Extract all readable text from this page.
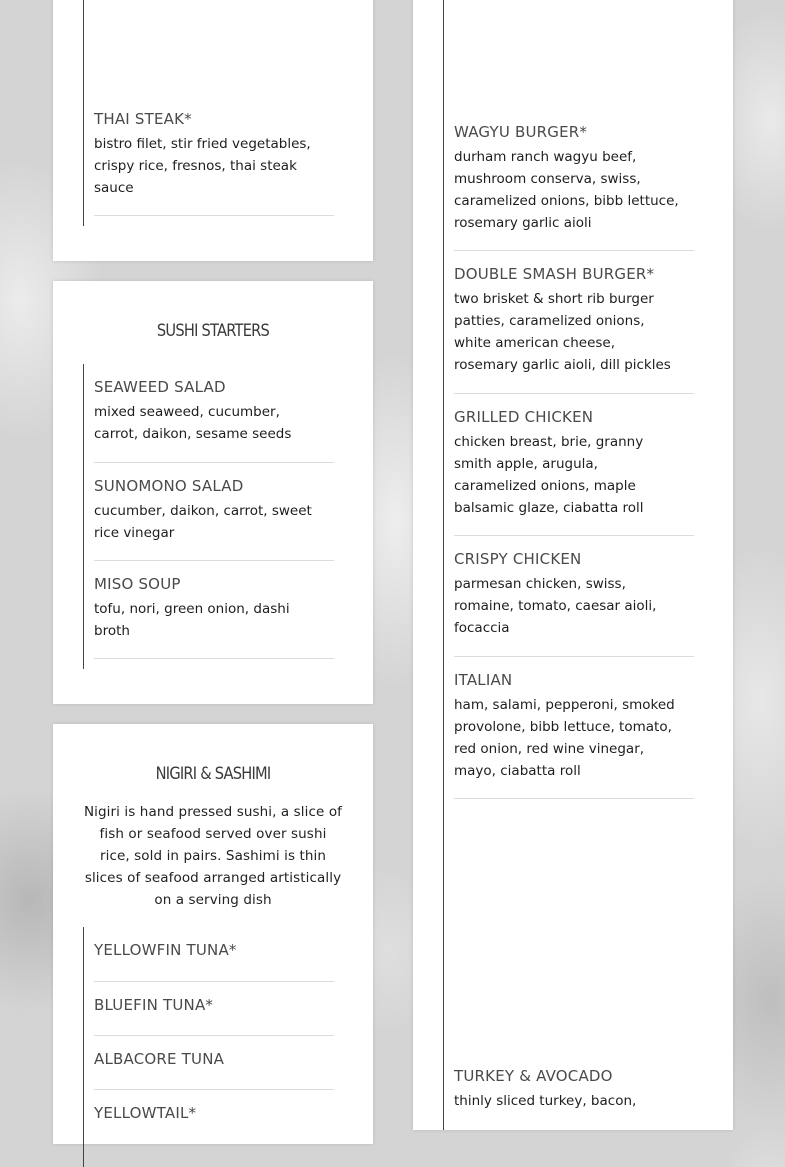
THAI STEAK*
bistro filet, stir fried vegetables, crispy rice, fresnos, thai steak sauce
SUSHI STARTERS
SEAWEED SALAD
mixed seaweed, cucumber, carrot, daikon, sesame seeds
SUNOMONO SALAD
cucumber, daikon, carrot, sweet rice vinegar
MISO SOUP
tofu, nori, green onion, dashi broth
NIGIRI & SASHIMI
Nigiri is hand pressed sushi, a slice of fish or seafood served over sushi rice, sold in pairs. Sashimi is thin slices of seafood arranged artistically on a serving dish
YELLOWFIN TUNA*
BLUEFIN TUNA*
ALBACORE TUNA
YELLOWTAIL*
WAGYU BURGER*
durham ranch wagyu beef, mushroom conserva, swiss, caramelized onions, bibb lettuce, rosemary garlic aioli
DOUBLE SMASH BURGER*
two brisket & short rib burger patties, caramelized onions, white american cheese, rosemary garlic aioli, dill pickles
GRILLED CHICKEN
chicken breast, brie, granny smith apple, arugula, caramelized onions, maple balsamic glaze, ciabatta roll
CRISPY CHICKEN
parmesan chicken, swiss, romaine, tomato, caesar aioli, focaccia
ITALIAN
ham, salami, pepperoni, smoked provolone, bibb lettuce, tomato, red onion, red wine vinegar, mayo, ciabatta roll
TURKEY & AVOCADO
thinly sliced turkey, bacon,
